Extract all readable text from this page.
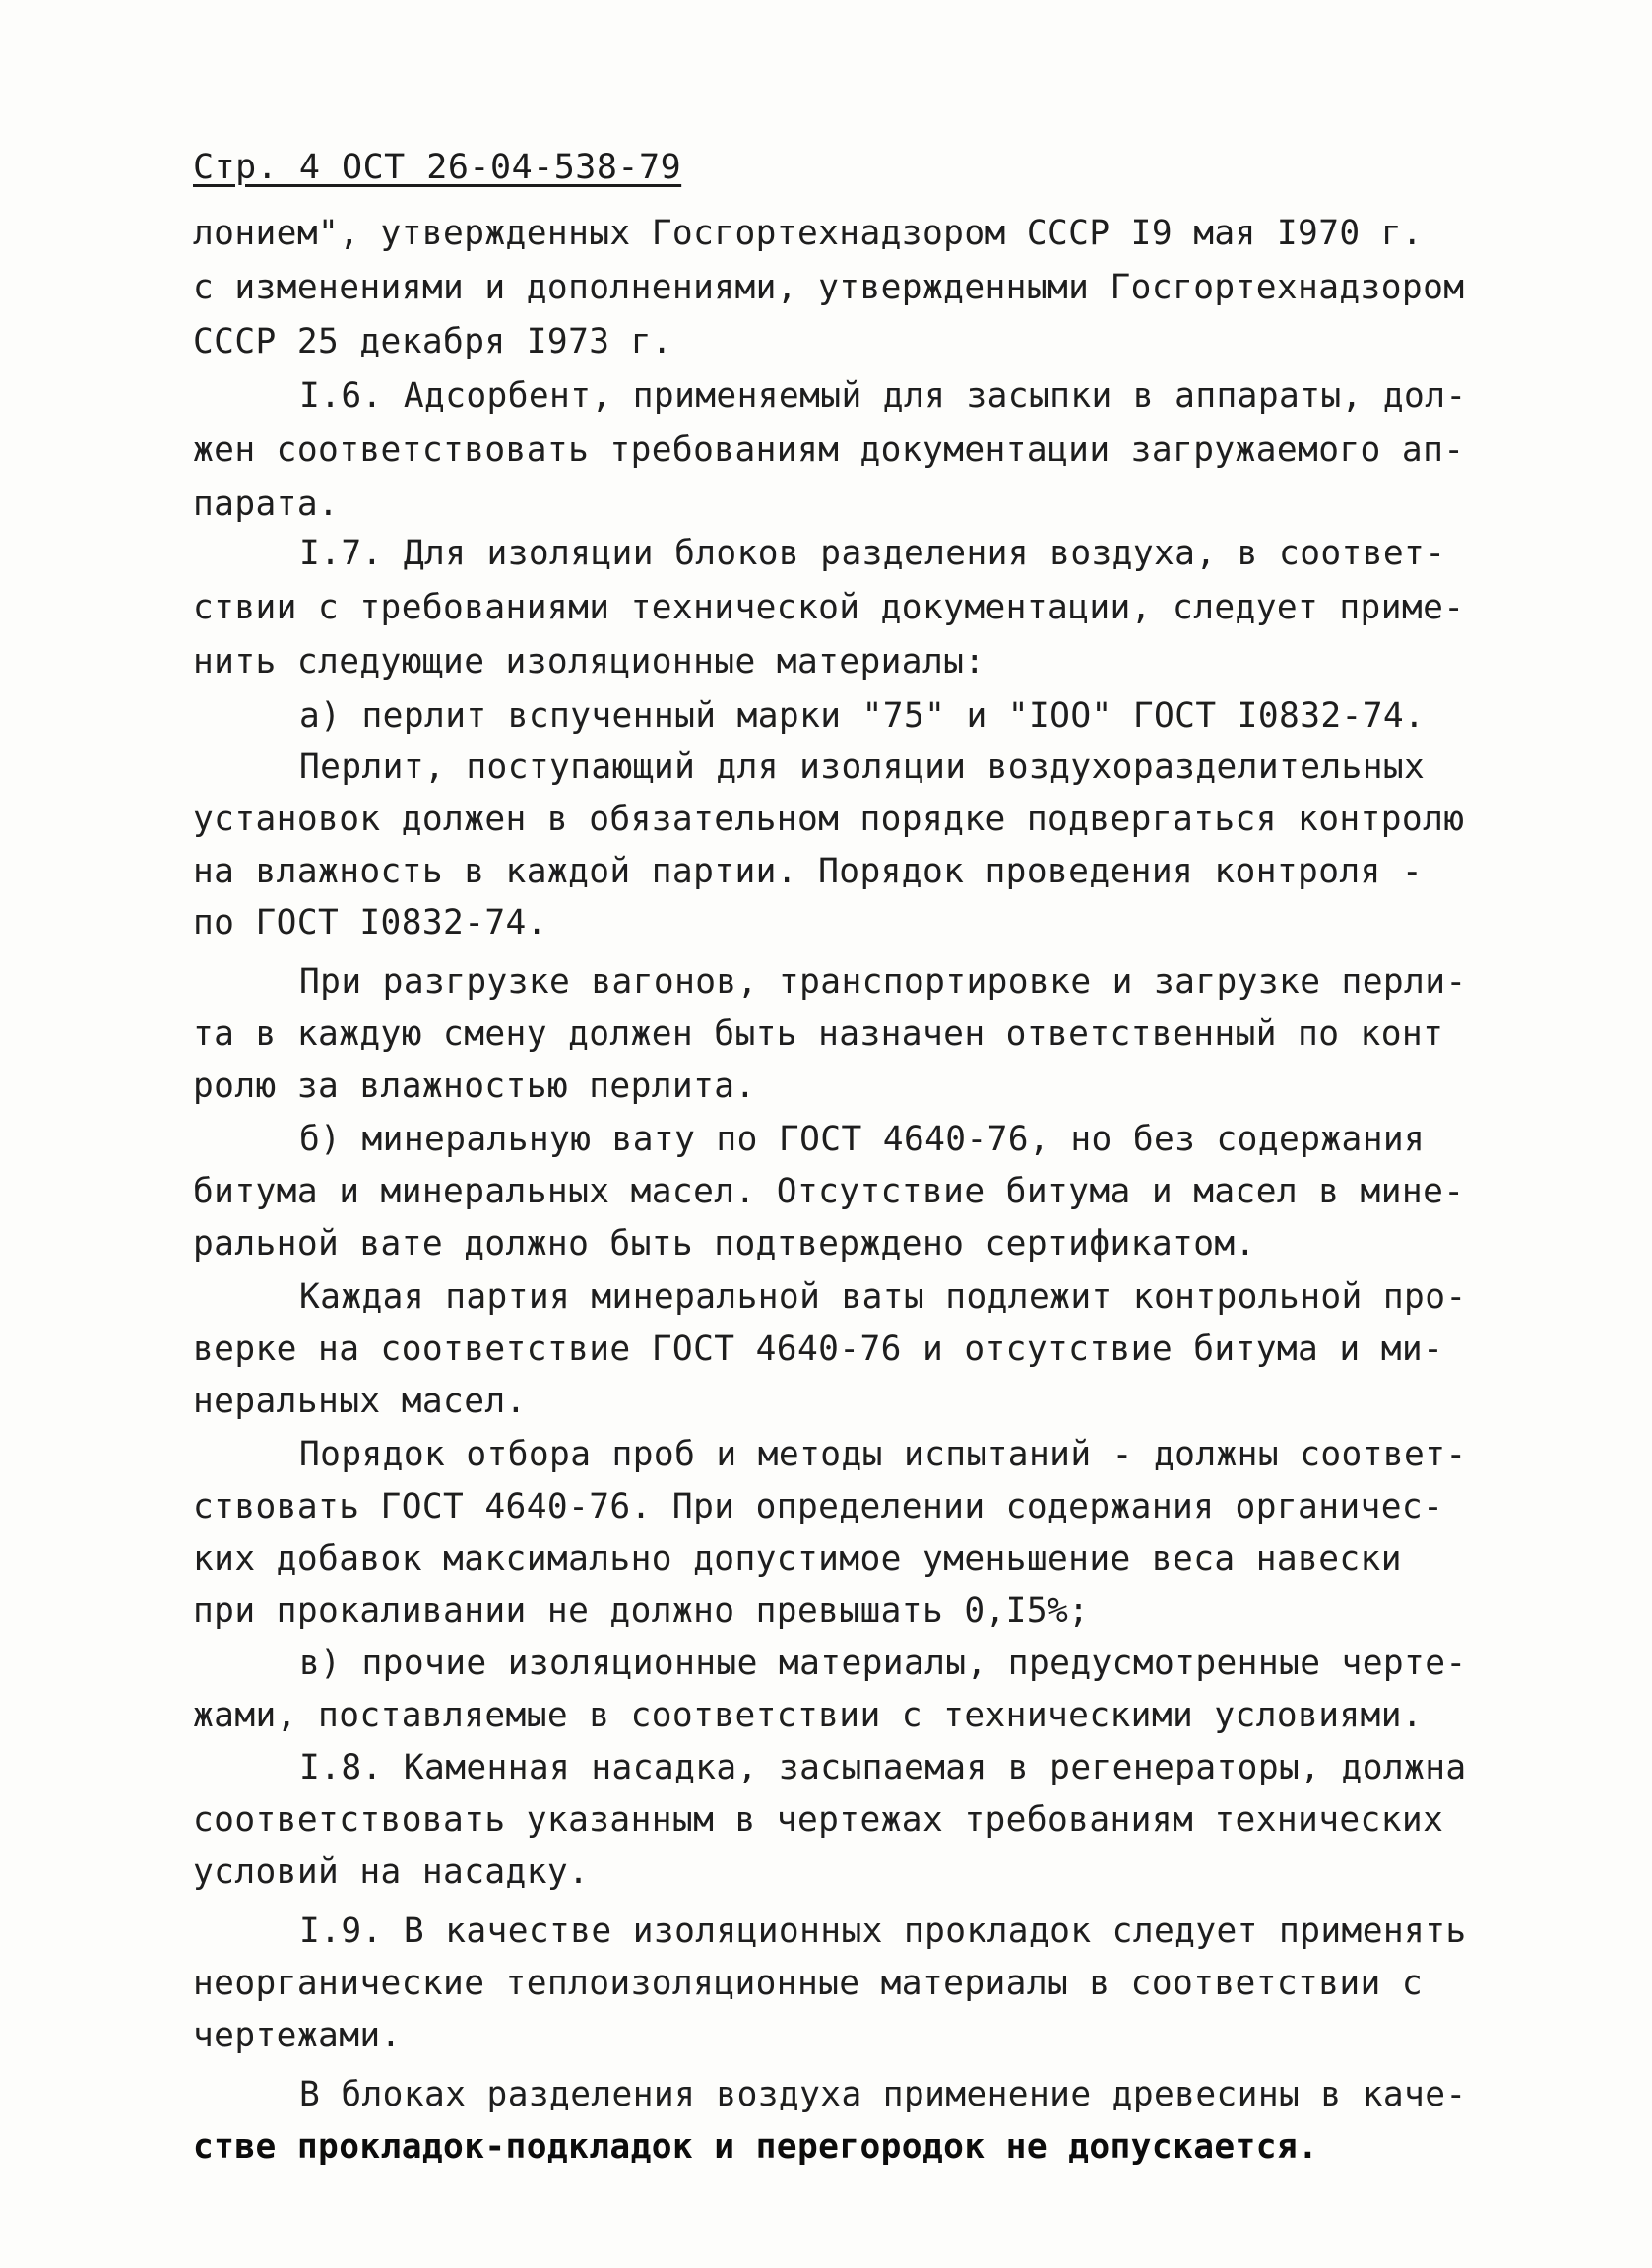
Стр. 4 ОСТ 26-04-538-79
лонием", утвержденных Госгортехнадзором СССР I9 мая I970 г.
с изменениями и дополнениями, утвержденными Госгортехнадзором
СССР 25 декабря I973 г.
I.6. Адсорбент, применяемый для засыпки в аппараты, дол-
жен соответствовать требованиям документации загружаемого ап-
парата.
I.7. Для изоляции блоков разделения воздуха, в соответ-
ствии с требованиями технической документации, следует приме-
нить следующие изоляционные материалы:
а) перлит вспученный марки "75" и "IOO" ГОСТ I0832-74.
Перлит, поступающий для изоляции воздухоразделительных
установок должен в обязательном порядке подвергаться контролю
на влажность в каждой партии. Порядок проведения контроля -
по ГОСТ I0832-74.
При разгрузке вагонов, транспортировке и загрузке перли-
та в каждую смену должен быть назначен ответственный по конт
ролю за влажностью перлита.
б) минеральную вату по ГОСТ 4640-76, но без содержания
битума и минеральных масел. Отсутствие битума и масел в мине-
ральной вате должно быть подтверждено сертификатом.
Каждая партия минеральной ваты подлежит контрольной про-
верке на соответствие ГОСТ 4640-76 и отсутствие битума и ми-
неральных масел.
Порядок отбора проб и методы испытаний - должны соответ-
ствовать ГОСТ 4640-76. При определении содержания органичес-
ких добавок максимально допустимое уменьшение веса навески
при прокаливании не должно превышать 0,I5%;
в) прочие изоляционные материалы, предусмотренные черте-
жами, поставляемые в соответствии с техническими условиями.
I.8. Каменная насадка, засыпаемая в регенераторы, должна
соответствовать указанным в чертежах требованиям технических
условий на насадку.
I.9. В качестве изоляционных прокладок следует применять
неорганические теплоизоляционные материалы в соответствии с
чертежами.
В блоках разделения воздуха применение древесины в каче-
стве прокладок-подкладок и перегородок не допускается.
